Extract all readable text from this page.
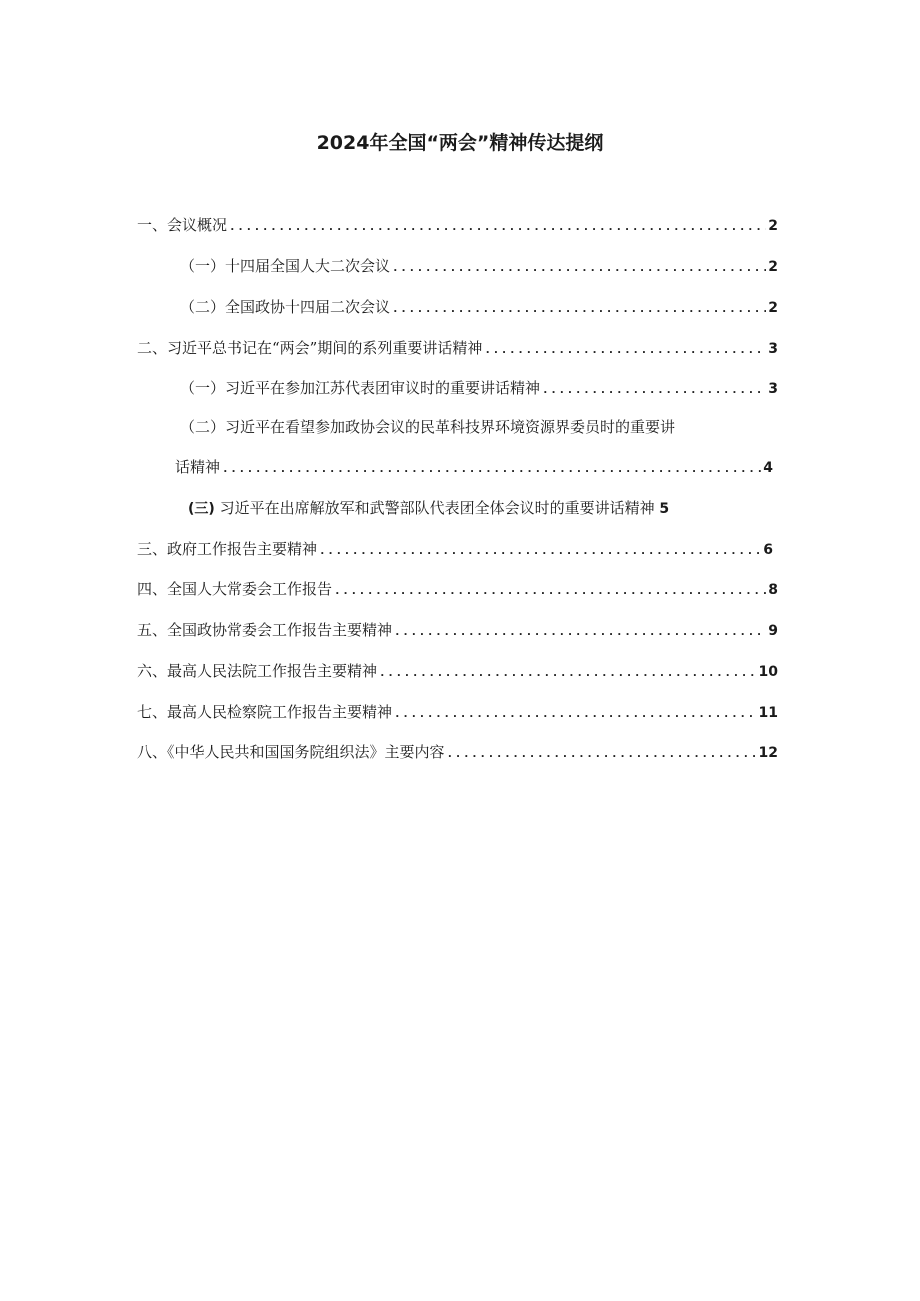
2024年全国“两会”精神传达提纲
一、会议概况 .....	2
（一）十四届全国人大二次会议 .....	2
（二）全国政协十四届二次会议 .....	2
二、习近平总书记在“两会”期间的系列重要讲话精神 .....	3
（一）习近平在参加江苏代表团审议时的重要讲话精神 .....	3
（二）习近平在看望参加政协会议的民革科技界环境资源界委员时的重要讲
话精神 .....	4
(三) 习近平在出席解放军和武警部队代表团全体会议时的重要讲话精神 5
三、政府工作报告主要精神 .....	6
四、全国人大常委会工作报告 .....	8
五、全国政协常委会工作报告主要精神 .....	9
六、最高人民法院工作报告主要精神 .....	10
七、最高人民检察院工作报告主要精神 .....	11
八、《中华人民共和国国务院组织法》主要内容 .....	12
